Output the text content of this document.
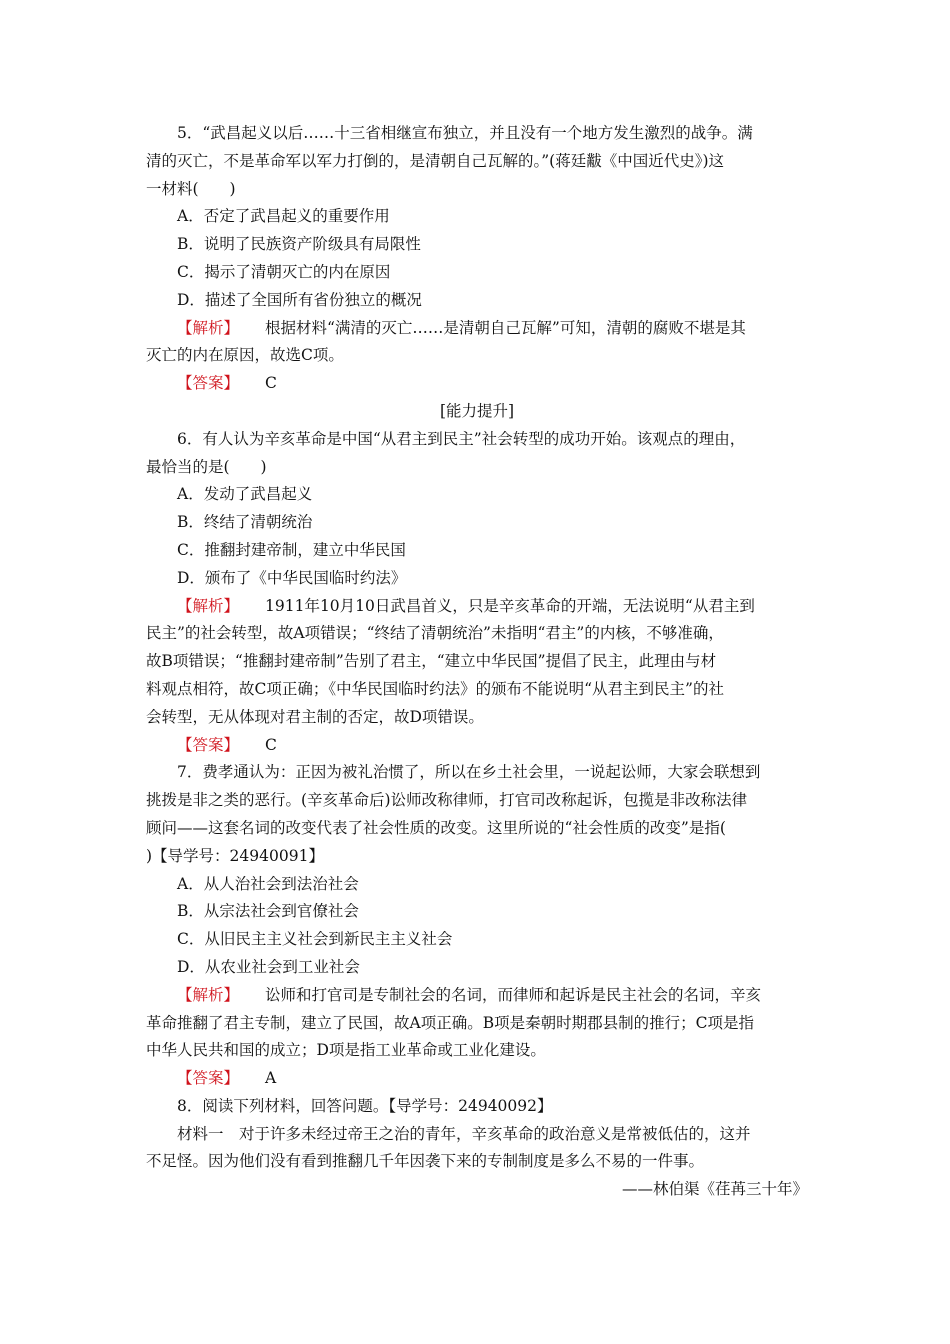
5．“武昌起义以后……十三省相继宣布独立，并且没有一个地方发生激烈的战争。满
清的灭亡，不是革命军以军力打倒的，是清朝自己瓦解的。”(蒋廷黻《中国近代史》)这
一材料(　　)
A．否定了武昌起义的重要作用
B．说明了民族资产阶级具有局限性
C．揭示了清朝灭亡的内在原因
D．描述了全国所有省份独立的概况
【解析】 根据材料“满清的灭亡……是清朝自己瓦解”可知，清朝的腐败不堪是其
灭亡的内在原因，故选C项。
【答案】 C
[能力提升]
6．有人认为辛亥革命是中国“从君主到民主”社会转型的成功开始。该观点的理由，
最恰当的是(　　)
A．发动了武昌起义
B．终结了清朝统治
C．推翻封建帝制，建立中华民国
D．颁布了《中华民国临时约法》
【解析】 1911年10月10日武昌首义，只是辛亥革命的开端，无法说明“从君主到
民主”的社会转型，故A项错误；“终结了清朝统治”未指明“君主”的内核，不够准确，
故B项错误；“推翻封建帝制”告别了君主，“建立中华民国”提倡了民主，此理由与材
料观点相符，故C项正确；《中华民国临时约法》的颁布不能说明“从君主到民主”的社
会转型，无从体现对君主制的否定，故D项错误。
【答案】 C
7．费孝通认为：正因为被礼治惯了，所以在乡土社会里，一说起讼师，大家会联想到
挑拨是非之类的恶行。(辛亥革命后)讼师改称律师，打官司改称起诉，包揽是非改称法律
顾问——这套名词的改变代表了社会性质的改变。这里所说的“社会性质的改变”是指(
)【导学号：24940091】
A．从人治社会到法治社会
B．从宗法社会到官僚社会
C．从旧民主主义社会到新民主主义社会
D．从农业社会到工业社会
【解析】 讼师和打官司是专制社会的名词，而律师和起诉是民主社会的名词，辛亥
革命推翻了君主专制，建立了民国，故A项正确。B项是秦朝时期郡县制的推行；C项是指
中华人民共和国的成立；D项是指工业革命或工业化建设。
【答案】 A
8．阅读下列材料，回答问题。【导学号：24940092】
材料一　对于许多未经过帝王之治的青年，辛亥革命的政治意义是常被低估的，这并
不足怪。因为他们没有看到推翻几千年因袭下来的专制制度是多么不易的一件事。
——林伯渠《荏苒三十年》
